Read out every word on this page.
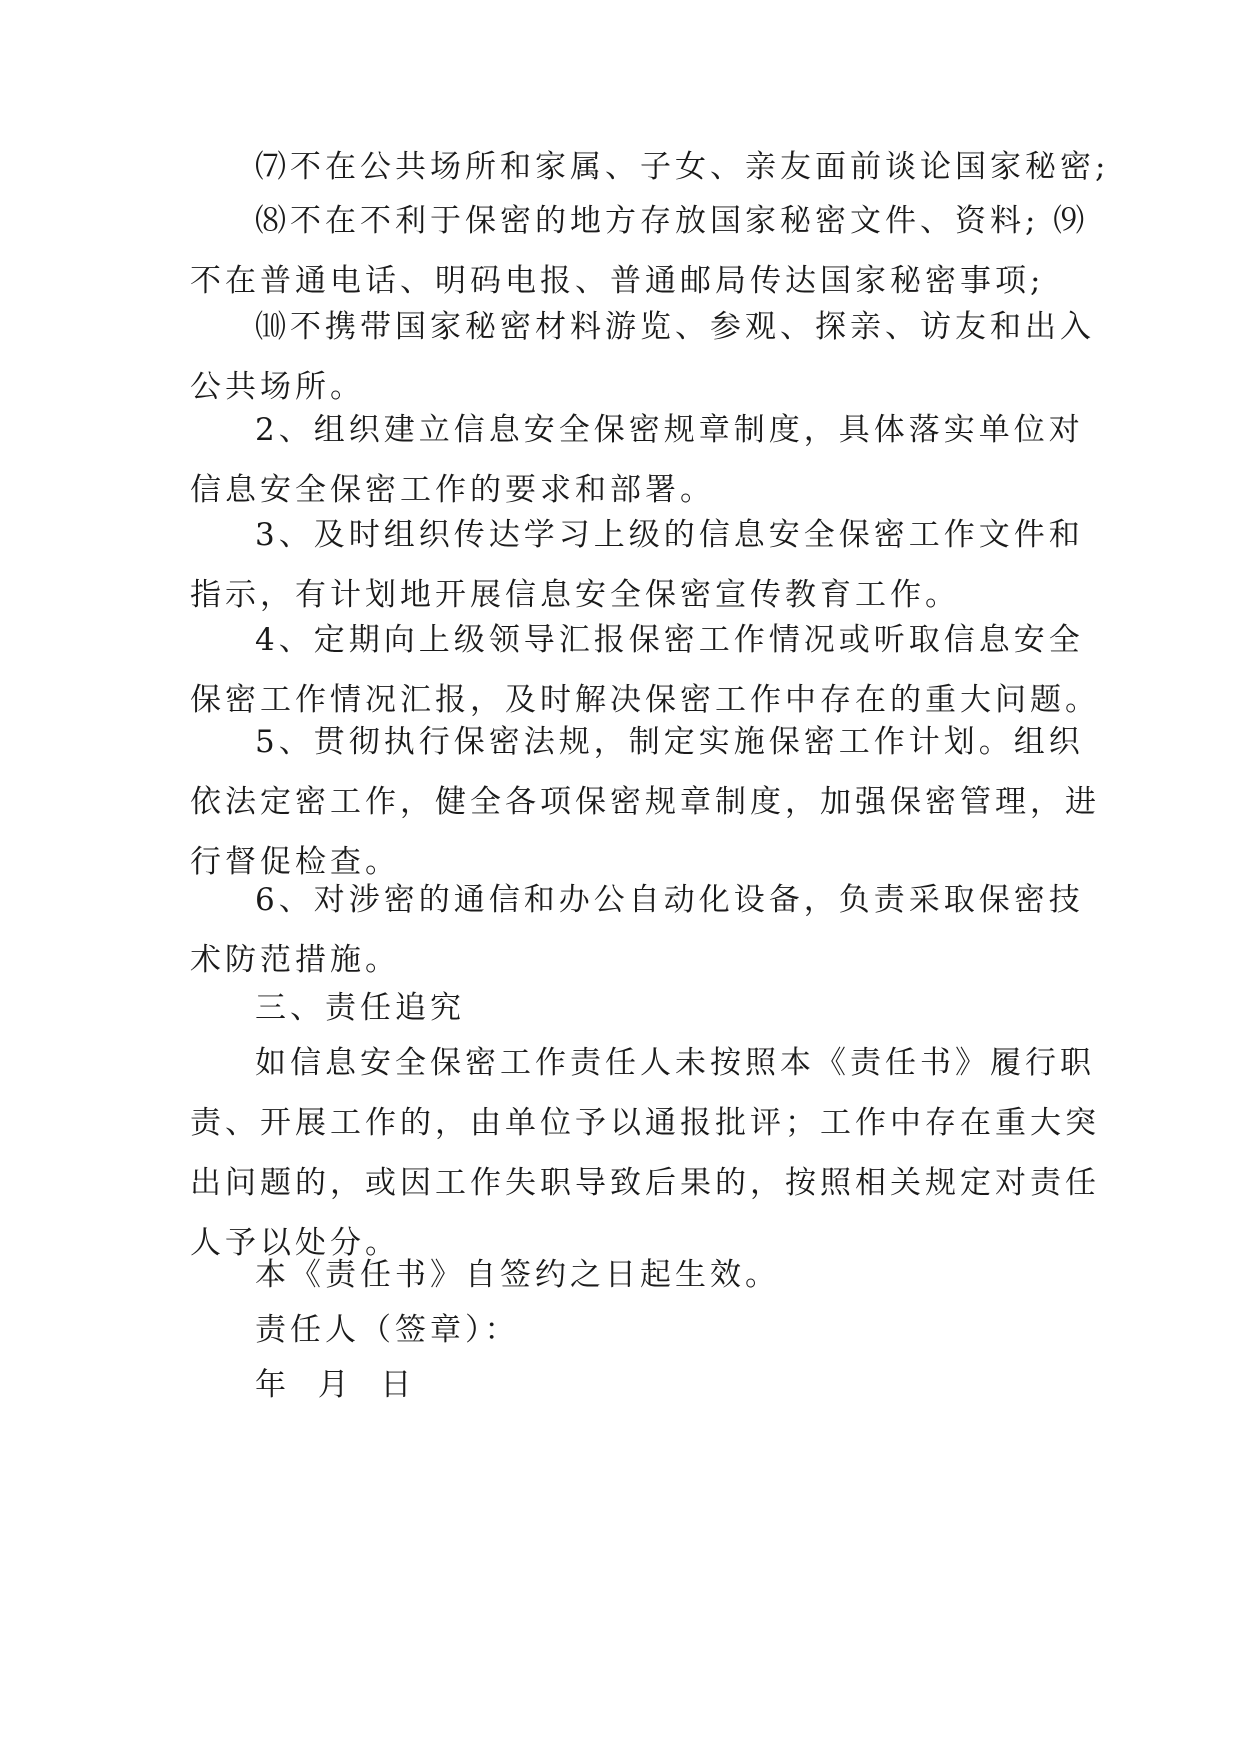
⑺不在公共场所和家属、子女、亲友面前谈论国家秘密;
⑻不在不利于保密的地方存放国家秘密文件、资料; ⑼
不在普通电话、明码电报、普通邮局传达国家秘密事项;
⑽不携带国家秘密材料游览、参观、探亲、访友和出入
公共场所。
2、组织建立信息安全保密规章制度，具体落实单位对
信息安全保密工作的要求和部署。
3、及时组织传达学习上级的信息安全保密工作文件和
指示，有计划地开展信息安全保密宣传教育工作。
4、定期向上级领导汇报保密工作情况或听取信息安全
保密工作情况汇报，及时解决保密工作中存在的重大问题。
5、贯彻执行保密法规，制定实施保密工作计划。组织
依法定密工作，健全各项保密规章制度，加强保密管理，进
行督促检查。
6、对涉密的通信和办公自动化设备，负责采取保密技
术防范措施。
三、责任追究
如信息安全保密工作责任人未按照本《责任书》履行职
责、开展工作的，由单位予以通报批评；工作中存在重大突
出问题的，或因工作失职导致后果的，按照相关规定对责任
人予以处分。
本《责任书》自签约之日起生效。
责任人（签章）：
年  月  日
